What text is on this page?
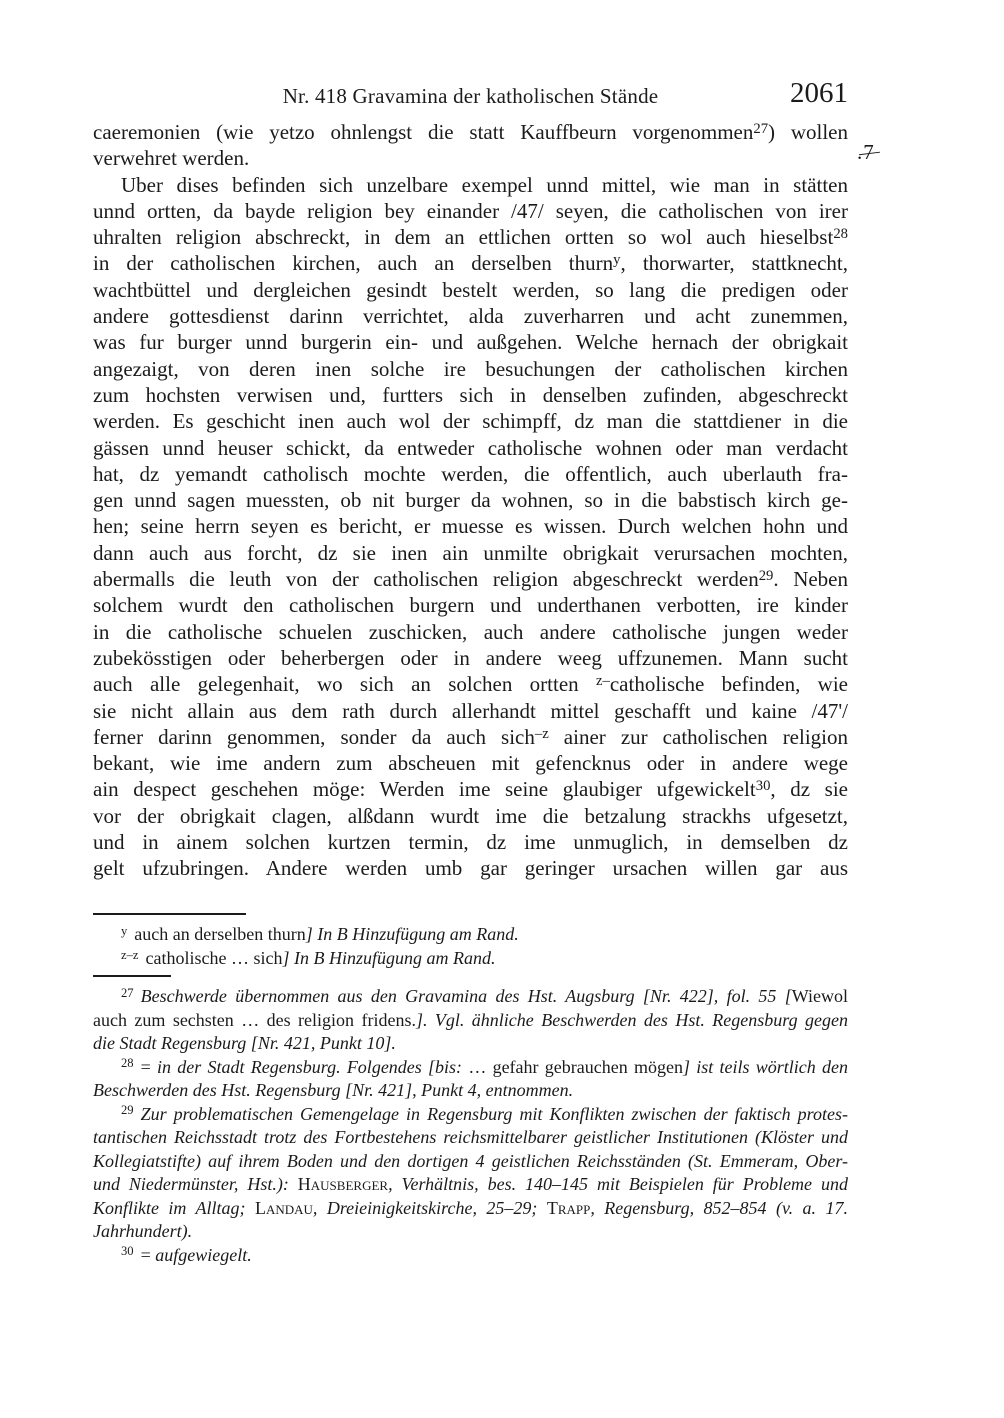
Nr. 418 Gravamina der katholischen Stände	2061
.7
caeremonien (wie yetzo ohnlengst die statt Kauffbeurn vorgenommen$^{27}$) wollen
verwehret werden.
Uber dises befinden sich unzelbare exempel unnd mittel, wie man in stätten
unnd ortten, da bayde religion bey einander /47/ seyen, die catholischen von irer
uhralten religion abschreckt, in dem an ettlichen ortten so wol auch hieselbst$^{28}$
in der catholischen kirchen, auch an derselben thurn$^y$, thorwarter, stattknecht,
wachtbüttel und dergleichen gesindt bestelt werden, so lang die predigen oder
andere gottesdienst darinn verrichtet, alda zuverharren und acht zunemmen,
was fur burger unnd burgerin ein- und außgehen. Welche hernach der obrigkait
angezaigt, von deren inen solche ire besuchungen der catholischen kirchen
zum hochsten verwisen und, furtters sich in denselben zufinden, abgeschreckt
werden. Es geschicht inen auch wol der schimpff, dz man die stattdiener in die
gässen unnd heuser schickt, da entweder catholische wohnen oder man verdacht
hat, dz yemandt catholisch mochte werden, die offentlich, auch uberlauth fra-
gen unnd sagen muessten, ob nit burger da wohnen, so in die babstisch kirch ge-
hen; seine herrn seyen es bericht, er muesse es wissen. Durch welchen hohn und
dann auch aus forcht, dz sie inen ain unmilte obrigkait verursachen mochten,
abermalls die leuth von der catholischen religion abgeschreckt werden$^{29}$. Neben
solchem wurdt den catholischen burgern und underthanen verbotten, ire kinder
in die catholische schuelen zuschicken, auch andere catholische jungen weder
zubekösstigen oder beherbergen oder in andere weeg uffzunemen. Mann sucht
auch alle gelegenhait, wo sich an solchen ortten $^{z-}$catholische befinden, wie
sie nicht allain aus dem rath durch allerhandt mittel geschafft und kaine /47'/
ferner darinn genommen, sonder da auch sich$^{-z}$ ainer zur catholischen religion
bekant, wie ime andern zum abscheuen mit gefencknus oder in andere wege
ain despect geschehen möge: Werden ime seine glaubiger ufgewickelt$^{30}$, dz sie
vor der obrigkait clagen, alßdann wurdt ime die betzalung strackhs ufgesetzt,
und in ainem solchen kurtzen termin, dz ime unmuglich, in demselben dz
gelt ufzubringen. Andere werden umb gar geringer ursachen willen gar aus
$^y$ auch an derselben thurn] In B Hinzufügung am Rand.
$^{z-z}$ catholische … sich] In B Hinzufügung am Rand.
$^{27}$ Beschwerde übernommen aus den Gravamina des Hst. Augsburg [Nr. 422], fol. 55 [Wiewol
auch zum sechsten … des religion fridens.]. Vgl. ähnliche Beschwerden des Hst. Regensburg gegen
die Stadt Regensburg [Nr. 421, Punkt 10].
$^{28}$ = in der Stadt Regensburg. Folgendes [bis: … gefahr gebrauchen mögen] ist teils wörtlich den
Beschwerden des Hst. Regensburg [Nr. 421], Punkt 4, entnommen.
$^{29}$ Zur problematischen Gemengelage in Regensburg mit Konflikten zwischen der faktisch protes-
tantischen Reichsstadt trotz des Fortbestehens reichsmittelbarer geistlicher Institutionen (Klöster und
Kollegiatstifte) auf ihrem Boden und den dortigen 4 geistlichen Reichsständen (St. Emmeram, Ober-
und Niedermünster, Hst.): Hausberger, Verhältnis, bes. 140–145 mit Beispielen für Probleme und
Konflikte im Alltag; Landau, Dreieinigkeitskirche, 25–29; Trapp, Regensburg, 852–854 (v. a. 17.
Jahrhundert).
$^{30}$ = aufgewiegelt.
